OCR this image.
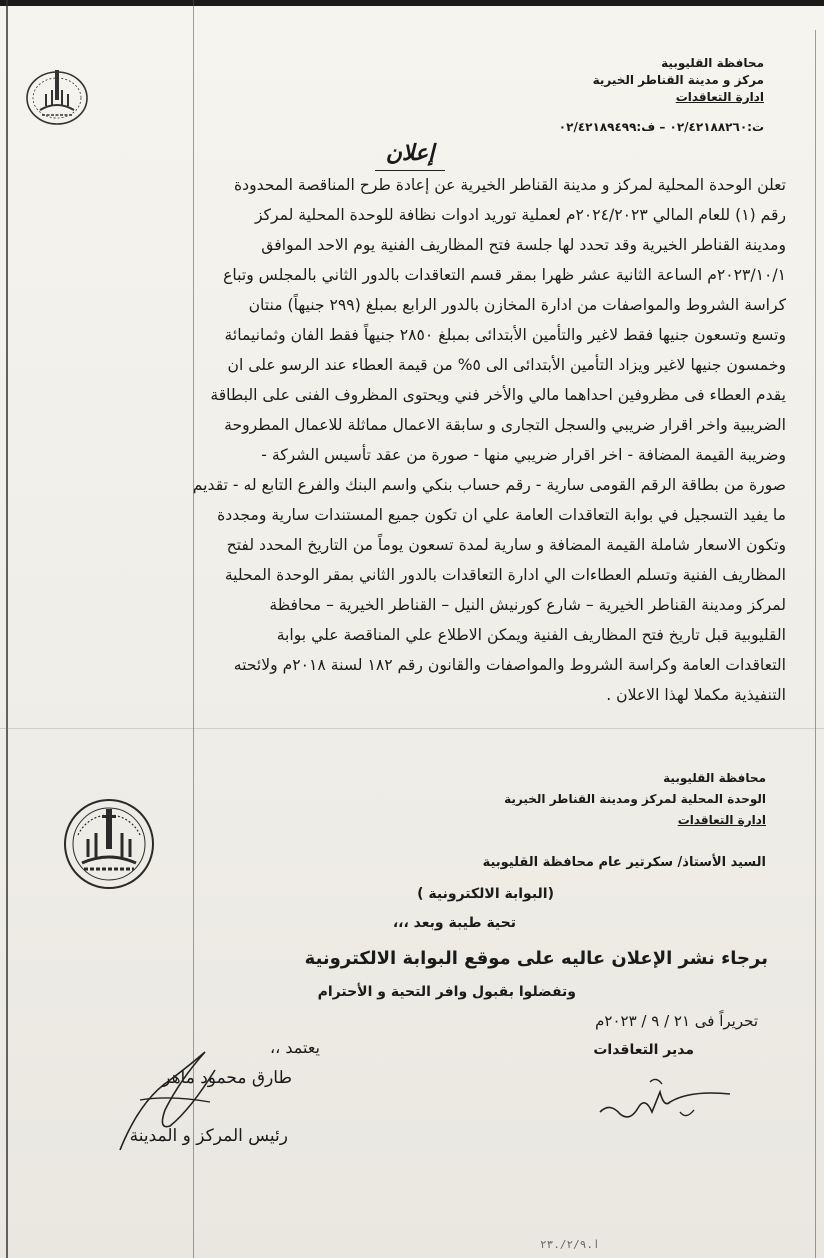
محافظة القليوبية
مركز و مدينة القناطر الخيرية
ادارة التعاقدات
ت:٠٢/٤٢١٨٨٢٦٠ – ف:٠٢/٤٢١٨٩٤٩٩
إعلان

تعلن الوحدة المحلية لمركز و مدينة القناطر الخيرية عن إعادة طرح المناقصة المحدودة

رقم (١) للعام المالي ٢٠٢٤/٢٠٢٣م لعملية توريد ادوات نظافة للوحدة المحلية لمركز

ومدينة القناطر الخيرية وقد تحدد لها جلسة فتح المظاريف الفنية يوم الاحد الموافق

٢٠٢٣/١٠/١م الساعة الثانية عشر ظهرا بمقر قسم التعاقدات بالدور الثاني بالمجلس وتباع

كراسة الشروط والمواصفات من ادارة المخازن بالدور الرابع بمبلغ (٢٩٩ جنيهاً) منتان

وتسع وتسعون جنيها فقط لاغير والتأمين الأبتدائى بمبلغ ٢٨٥٠ جنيهاً فقط الفان وثمانيمائة

وخمسون جنيها لاغير ويزاد التأمين الأبتدائى الى ٥% من قيمة العطاء عند الرسو على ان

يقدم العطاء فى مظروفين احداهما مالي والأخر فني ويحتوى المظروف الفنى على البطاقة

الضريبية واخر اقرار ضريبي والسجل التجارى و سابقة الاعمال مماثلة للاعمال المطروحة

وضريبة القيمة المضافة - اخر اقرار ضريبي منها - صورة من عقد تأسيس الشركة -

صورة من بطاقة الرقم القومى سارية - رقم حساب بنكي واسم البنك والفرع التابع له - تقديم

ما يفيد التسجيل في بوابة التعاقدات العامة علي ان تكون جميع المستندات سارية ومجددة

وتكون الاسعار شاملة القيمة المضافة و سارية لمدة تسعون يوماً من التاريخ المحدد لفتح

المظاريف الفنية وتسلم العطاءات الي ادارة التعاقدات بالدور الثاني بمقر الوحدة المحلية

لمركز ومدينة القناطر الخيرية – شارع كورنيش النيل – القناطر الخيرية – محافظة

القليوبية قبل تاريخ فتح المظاريف الفنية ويمكن الاطلاع علي المناقصة علي بوابة

التعاقدات العامة وكراسة الشروط والمواصفات والقانون رقم ١٨٢ لسنة ٢٠١٨م ولائحته

التنفيذية مكملا لهذا الاعلان .

محافظة القليوبية
الوحدة المحلية لمركز ومدينة القناطر الخيرية
ادارة التعاقدات
السيد الأستاذ/ سكرتير عام محافظة القليوبية
(البوابة الالكترونية )
تحية طيبة وبعد ،،،
برجاء نشر الإعلان عاليه على موقع البوابة الالكترونية
وتفضلوا بقبول وافر التحية و الأحترام
تحريراً فى ٢١ / ٩ / ٢٠٢٣م
مدير التعاقدات
يعتمد ،،
طارق محمود ماهر
رئيس المركز و المدينة
ا.٢/٩/.٢٣
